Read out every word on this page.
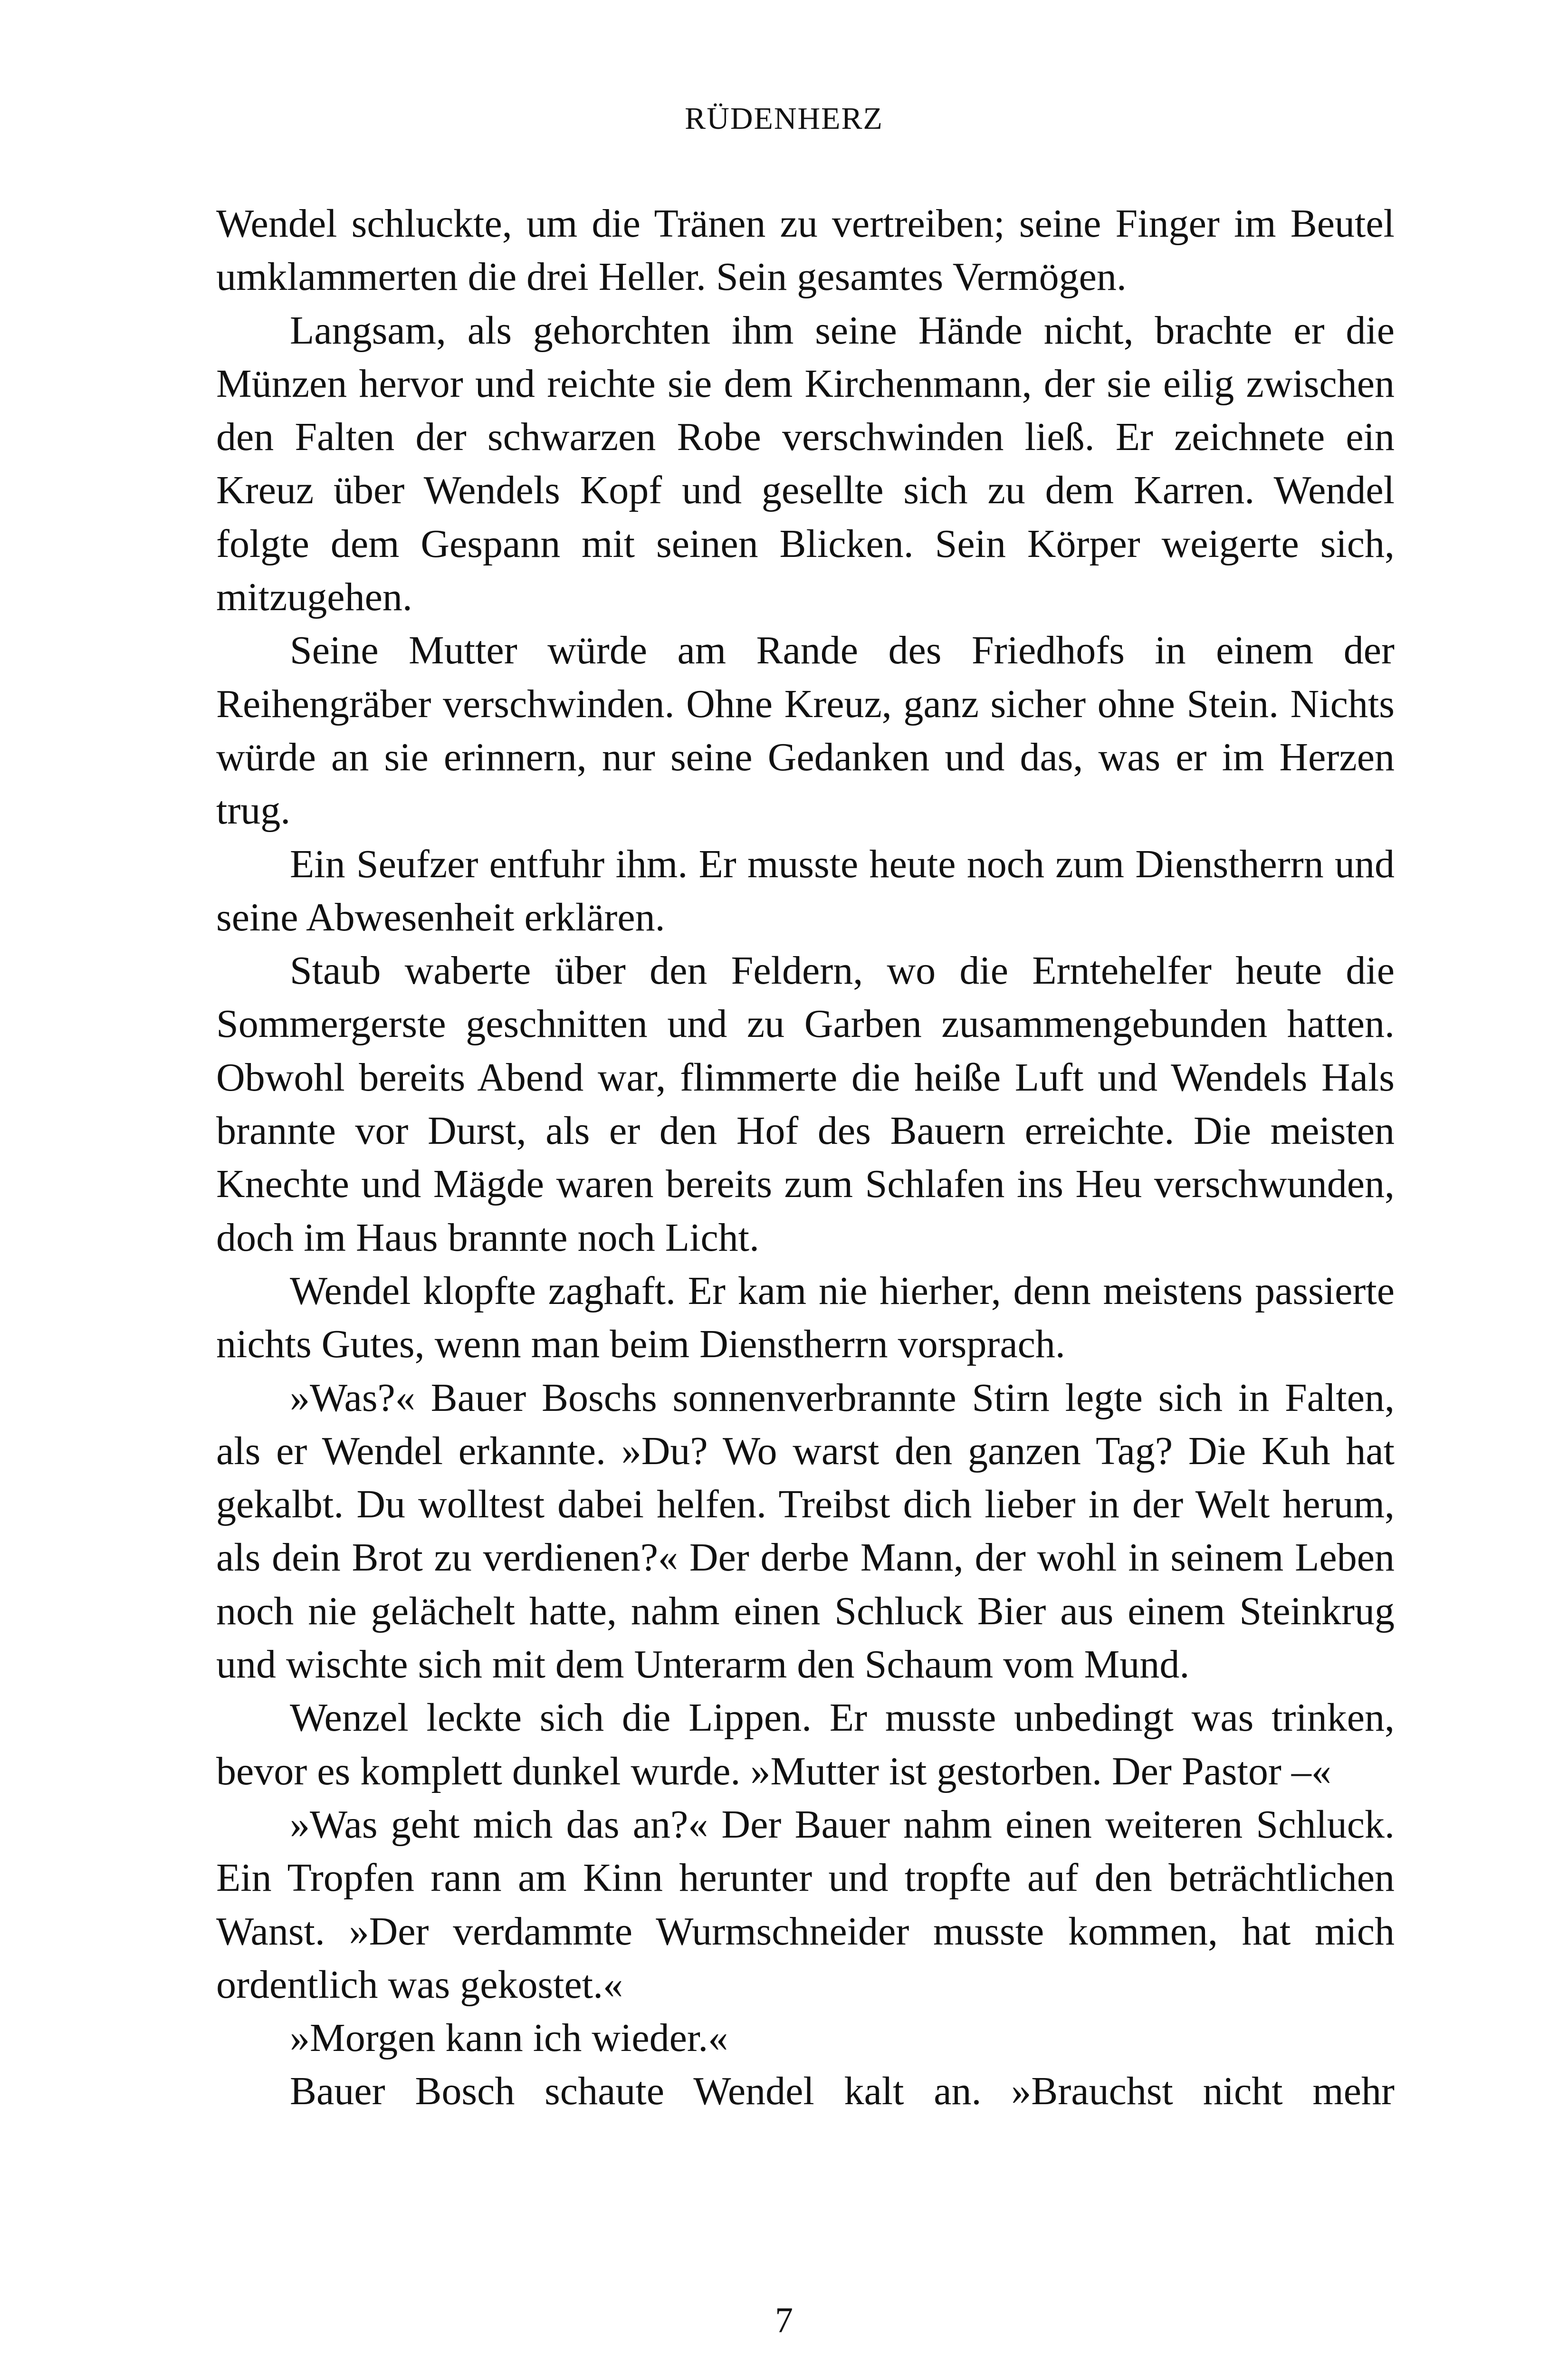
RÜDENHERZ

Wendel schluckte, um die Tränen zu vertreiben; seine Finger im Beutel umklammerten die drei Heller. Sein gesamtes Vermögen.

Langsam, als gehorchten ihm seine Hände nicht, brachte er die Münzen hervor und reichte sie dem Kirchenmann, der sie eilig zwischen den Falten der schwarzen Robe verschwinden ließ. Er zeichnete ein Kreuz über Wendels Kopf und gesellte sich zu dem Karren. Wendel folgte dem Gespann mit seinen Blicken. Sein Körper weigerte sich, mitzugehen.

Seine Mutter würde am Rande des Friedhofs in einem der Reihengräber verschwinden. Ohne Kreuz, ganz sicher ohne Stein. Nichts würde an sie erinnern, nur seine Gedanken und das, was er im Herzen trug.

Ein Seufzer entfuhr ihm. Er musste heute noch zum Dienstherrn und seine Abwesenheit erklären.

Staub waberte über den Feldern, wo die Erntehelfer heute die Sommergerste geschnitten und zu Garben zusammengebunden hatten. Obwohl bereits Abend war, flimmerte die heiße Luft und Wendels Hals brannte vor Durst, als er den Hof des Bauern erreichte. Die meisten Knechte und Mägde waren bereits zum Schlafen ins Heu verschwunden, doch im Haus brannte noch Licht.

Wendel klopfte zaghaft. Er kam nie hierher, denn meistens passierte nichts Gutes, wenn man beim Dienstherrn vorsprach.

»Was?« Bauer Boschs sonnenverbrannte Stirn legte sich in Falten, als er Wendel erkannte. »Du? Wo warst den ganzen Tag? Die Kuh hat gekalbt. Du wolltest dabei helfen. Treibst dich lieber in der Welt herum, als dein Brot zu verdienen?« Der derbe Mann, der wohl in seinem Leben noch nie gelächelt hatte, nahm einen Schluck Bier aus einem Steinkrug und wischte sich mit dem Unterarm den Schaum vom Mund.

Wenzel leckte sich die Lippen. Er musste unbedingt was trinken, bevor es komplett dunkel wurde. »Mutter ist gestorben. Der Pastor –«

»Was geht mich das an?« Der Bauer nahm einen weiteren Schluck. Ein Tropfen rann am Kinn herunter und tropfte auf den beträchtlichen Wanst. »Der verdammte Wurmschneider musste kommen, hat mich ordentlich was gekostet.«

»Morgen kann ich wieder.«

Bauer Bosch schaute Wendel kalt an. »Brauchst nicht mehr

7
